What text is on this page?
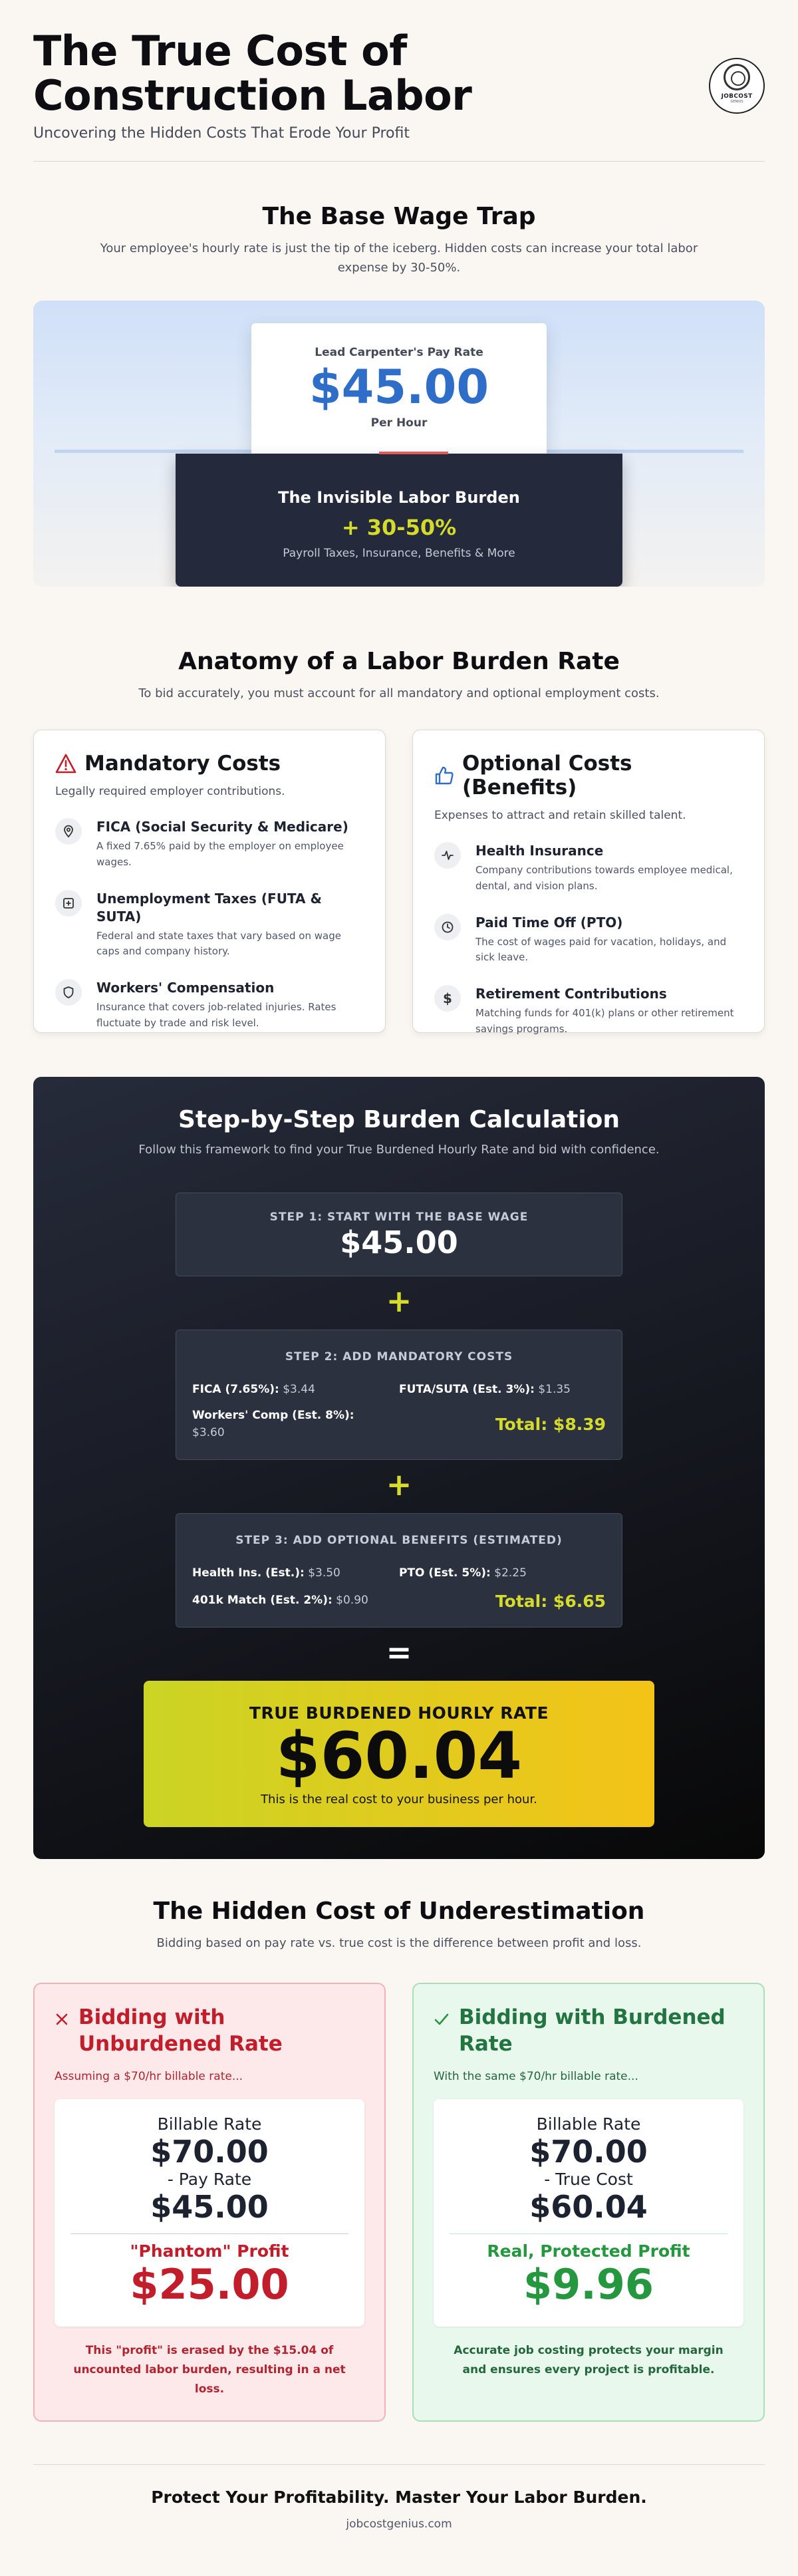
The True Cost of Construction Labor

Uncovering the Hidden Costs That Erode Your Profit

JOBCOST
GENIUS
The Base Wage Trap

Your employee's hourly rate is just the tip of the iceberg. Hidden costs can increase your total labor expense by 30-50%.

Lead Carpenter's Pay Rate
$45.00
Per Hour
The Invisible Labor Burden
+ 30-50%
Payroll Taxes, Insurance, Benefits & More
Anatomy of a Labor Burden Rate

To bid accurately, you must account for all mandatory and optional employment costs.

Mandatory Costs

Legally required employer contributions.

FICA (Social Security & Medicare)
A fixed 7.65% paid by the employer on employee wages.
Unemployment Taxes (FUTA & SUTA)
Federal and state taxes that vary based on wage caps and company history.
Workers' Compensation
Insurance that covers job-related injuries. Rates fluctuate by trade and risk level.
Optional Costs (Benefits)

Expenses to attract and retain skilled talent.

Health Insurance
Company contributions towards employee medical, dental, and vision plans.
Paid Time Off (PTO)
The cost of wages paid for vacation, holidays, and sick leave.
$ Retirement Contributions
Matching funds for 401(k) plans or other retirement savings programs.
Step-by-Step Burden Calculation

Follow this framework to find your True Burdened Hourly Rate and bid with confidence.

STEP 1: START WITH THE BASE WAGE
$45.00
+
STEP 2: ADD MANDATORY COSTS
FICA (7.65%): $3.44	FUTA/SUTA (Est. 3%): $1.35
Workers' Comp (Est. 8%):
$3.60	Total: $8.39
+
STEP 3: ADD OPTIONAL BENEFITS (ESTIMATED)
Health Ins. (Est.): $3.50	PTO (Est. 5%): $2.25
401k Match (Est. 2%): $0.90	Total: $6.65
=
TRUE BURDENED HOURLY RATE
$60.04
This is the real cost to your business per hour.
The Hidden Cost of Underestimation

Bidding based on pay rate vs. true cost is the difference between profit and loss.

Bidding with Unburdened Rate

Assuming a $70/hr billable rate...

Billable Rate
$70.00
- Pay Rate
$45.00
"Phantom" Profit
$25.00

This "profit" is erased by the $15.04 of uncounted labor burden, resulting in a net loss.

Bidding with Burdened Rate

With the same $70/hr billable rate...

Billable Rate
$70.00
- True Cost
$60.04
Real, Protected Profit
$9.96

Accurate job costing protects your margin and ensures every project is profitable.

Protect Your Profitability. Master Your Labor Burden.
jobcostgenius.com
